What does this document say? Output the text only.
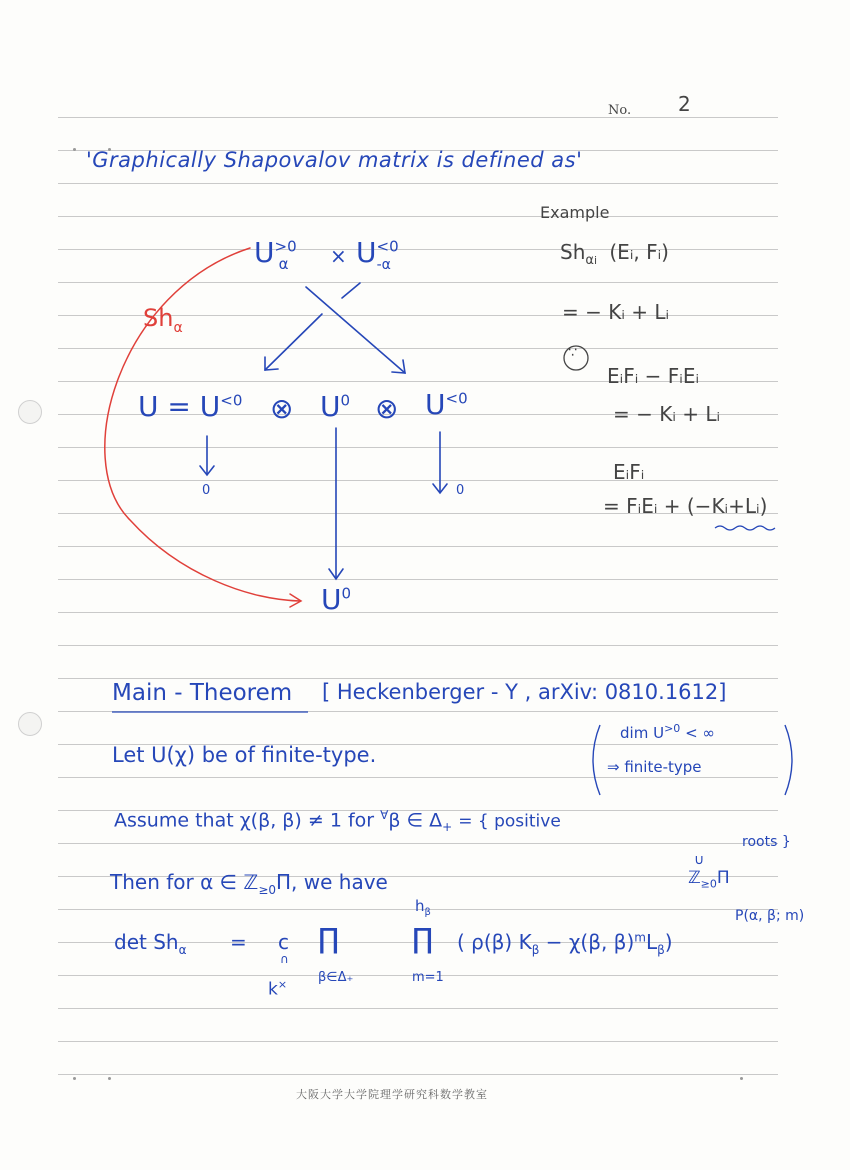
No. 2
'Graphically Shapovalov matrix is defined as'
$U^{>0}_\alpha \times U^{<0}_{-\alpha}$
$Sh_\alpha$
$U = U^{<0}$ ⊗ $U^0$ ⊗ $U^{<0}$
0	0
$U^0$
Example
$Sh_{\alpha i}$ (Eᵢ, Fᵢ)
= − Kᵢ + Lᵢ
∵
EᵢFᵢ − FᵢEᵢ
= − Kᵢ + Lᵢ
EᵢFᵢ
= FᵢEᵢ + (−Kᵢ+Lᵢ)
Main - Theorem [ Heckenberger - Y , arXiv: 0810.1612]
Let U(χ) be of finite-type.
dim $U^{>0}$ < ∞
⇒ finite-type
Assume that χ(β, β) ≠ 1 for ∀β ∈ $\Delta_+$ = { positive
roots }
∩
ℤ$_{\ge 0}$Π
Then for α ∈ ℤ$_{\ge 0}$Π, we have
$h_\beta$	P(α, β; m)
$\det Sh_\alpha = c$
∩
k×
∏
β∈Δ₊
∏
m=1
( ρ(β) $K_\beta - \chi(\beta$, $\beta)^mL_\beta$)
大阪大学大学院理学研究科数学教室
